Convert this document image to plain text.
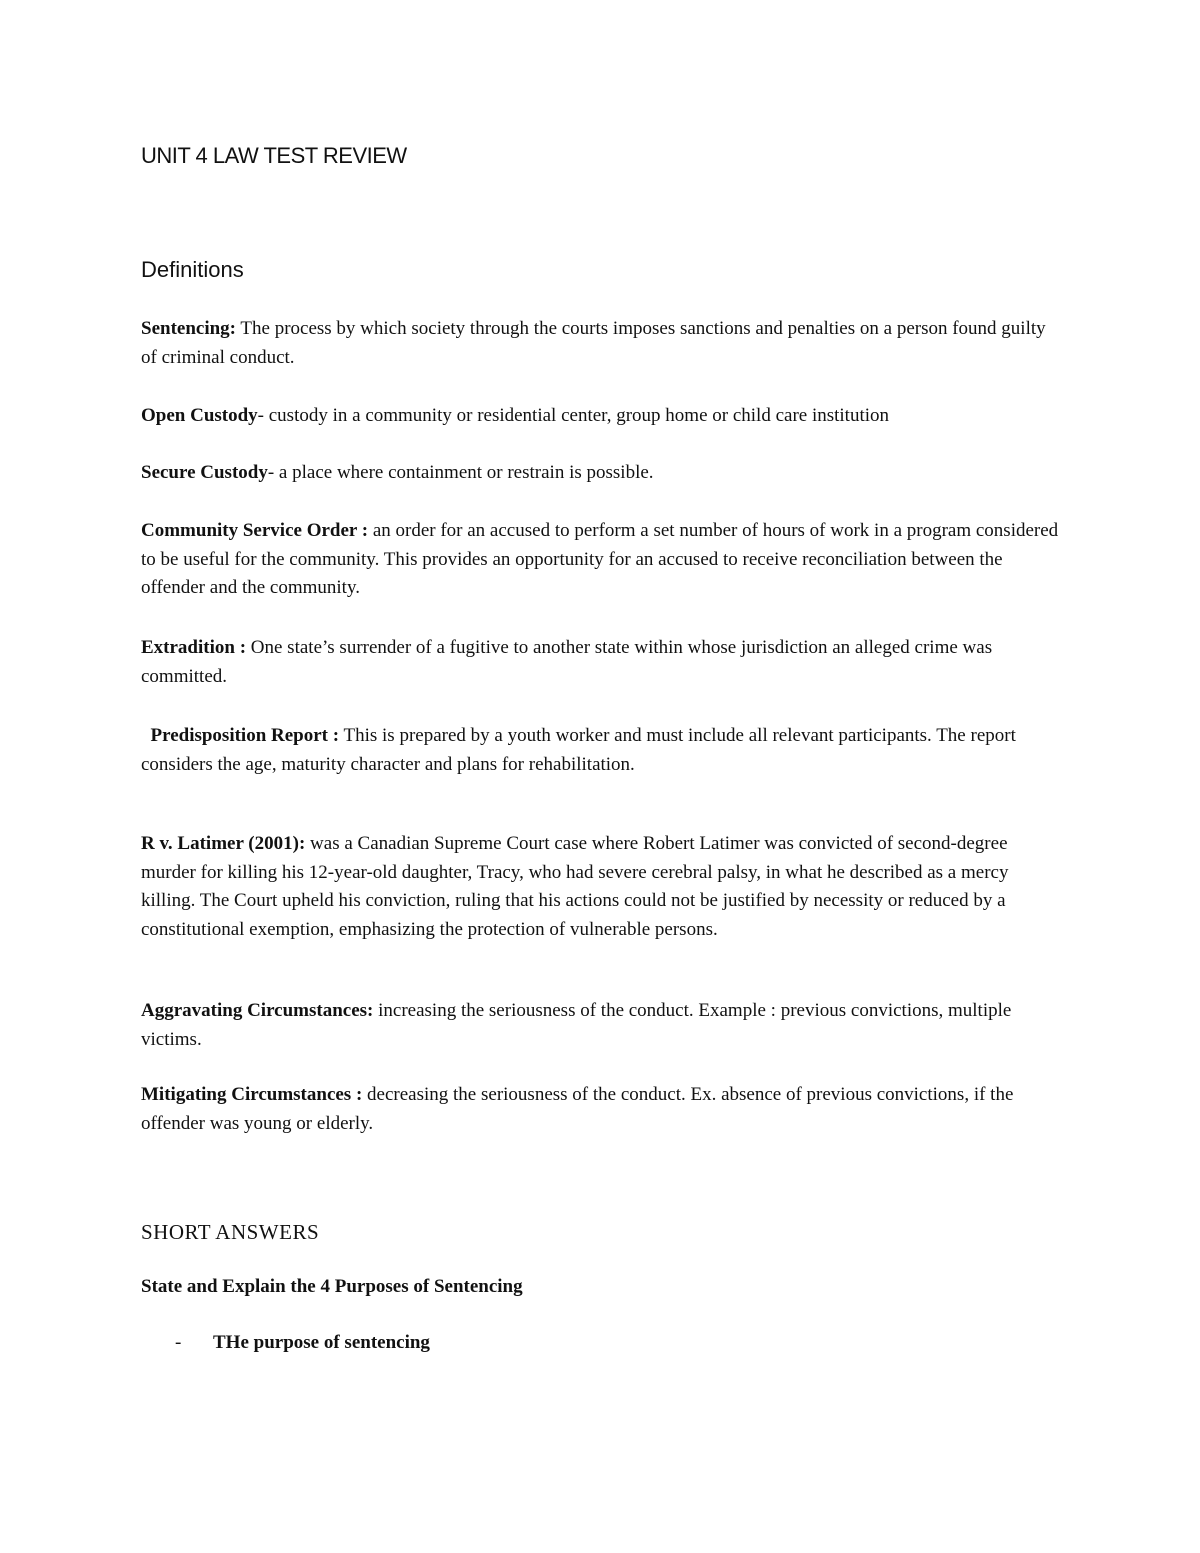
UNIT 4 LAW TEST REVIEW
Definitions

Sentencing: The process by which society through the courts imposes sanctions and penalties on a person found guilty of criminal conduct.

Open Custody- custody in a community or residential center, group home or child care institution

Secure Custody- a place where containment or restrain is possible.

Community Service Order : an order for an accused to perform a set number of hours of work in a program considered to be useful for the community. This provides an opportunity for an accused to receive reconciliation between the offender and the community.

Extradition : One state’s surrender of a fugitive to another state within whose jurisdiction an alleged crime was committed.

Predisposition Report : This is prepared by a youth worker and must include all relevant participants. The report considers the age, maturity character and plans for rehabilitation.

R v. Latimer (2001): was a Canadian Supreme Court case where Robert Latimer was convicted of second-degree murder for killing his 12-year-old daughter, Tracy, who had severe cerebral palsy, in what he described as a mercy killing. The Court upheld his conviction, ruling that his actions could not be justified by necessity or reduced by a constitutional exemption, emphasizing the protection of vulnerable persons.

Aggravating Circumstances: increasing the seriousness of the conduct. Example : previous convictions, multiple victims.

Mitigating Circumstances : decreasing the seriousness of the conduct. Ex. absence of previous convictions, if the offender was young or elderly.

SHORT ANSWERS

State and Explain the 4 Purposes of Sentencing

-	THe purpose of sentencing
